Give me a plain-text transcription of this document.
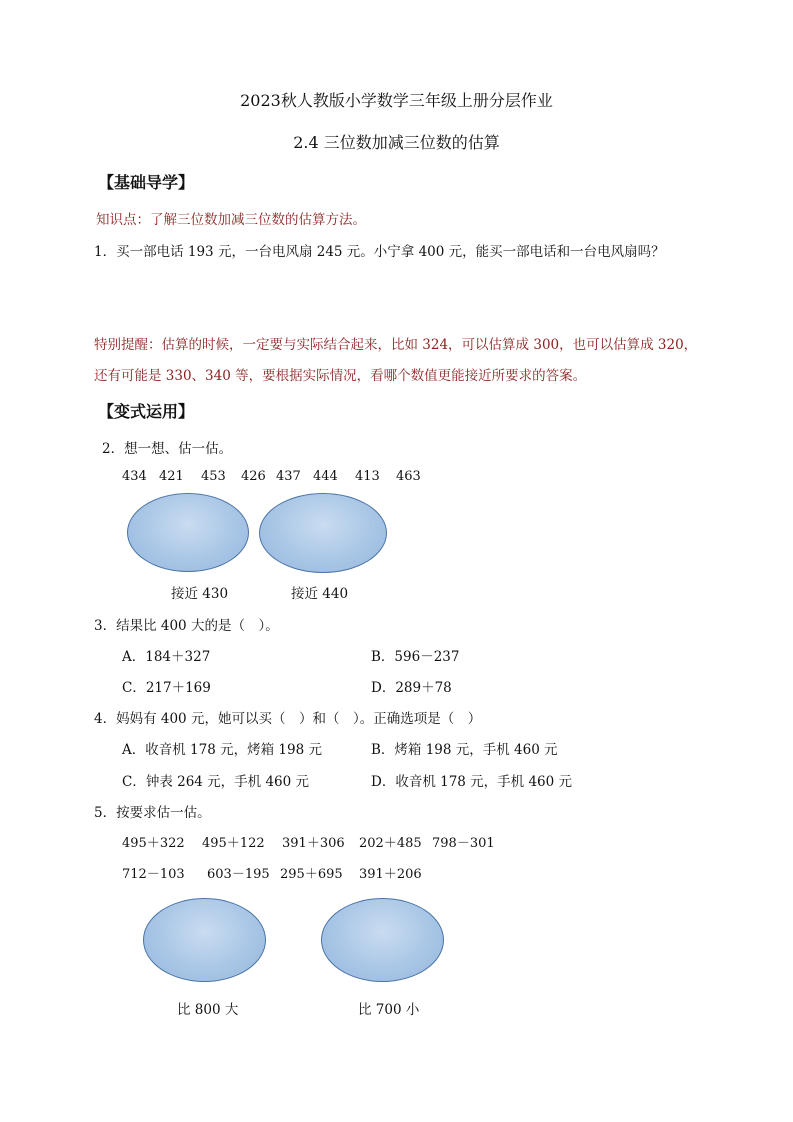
2023秋人教版小学数学三年级上册分层作业
2.4 三位数加减三位数的估算
【基础导学】
知识点：了解三位数加减三位数的估算方法。
1．买一部电话 193 元，一台电风扇 245 元。小宁拿 400 元，能买一部电话和一台电风扇吗？
特别提醒：估算的时候，一定要与实际结合起来，比如 324，可以估算成 300，也可以估算成 320，
还有可能是 330、340 等，要根据实际情况，看哪个数值更能接近所要求的答案。
【变式运用】
2．想一想、估一估。
434 421 453 426 437 444 413 463
接近 430	接近 440
3．结果比 400 大的是（　）。
A．184＋327	B．596－237
C．217＋169	D．289＋78
4．妈妈有 400 元，她可以买（　）和（　）。正确选项是（　）
A．收音机 178 元，烤箱 198 元	B．烤箱 198 元，手机 460 元
C．钟表 264 元，手机 460 元	D．收音机 178 元，手机 460 元
5．按要求估一估。
495＋322 495＋122 391＋306 202＋485 798－301
712－103 603－195 295＋695 391＋206
比 800 大	比 700 小
